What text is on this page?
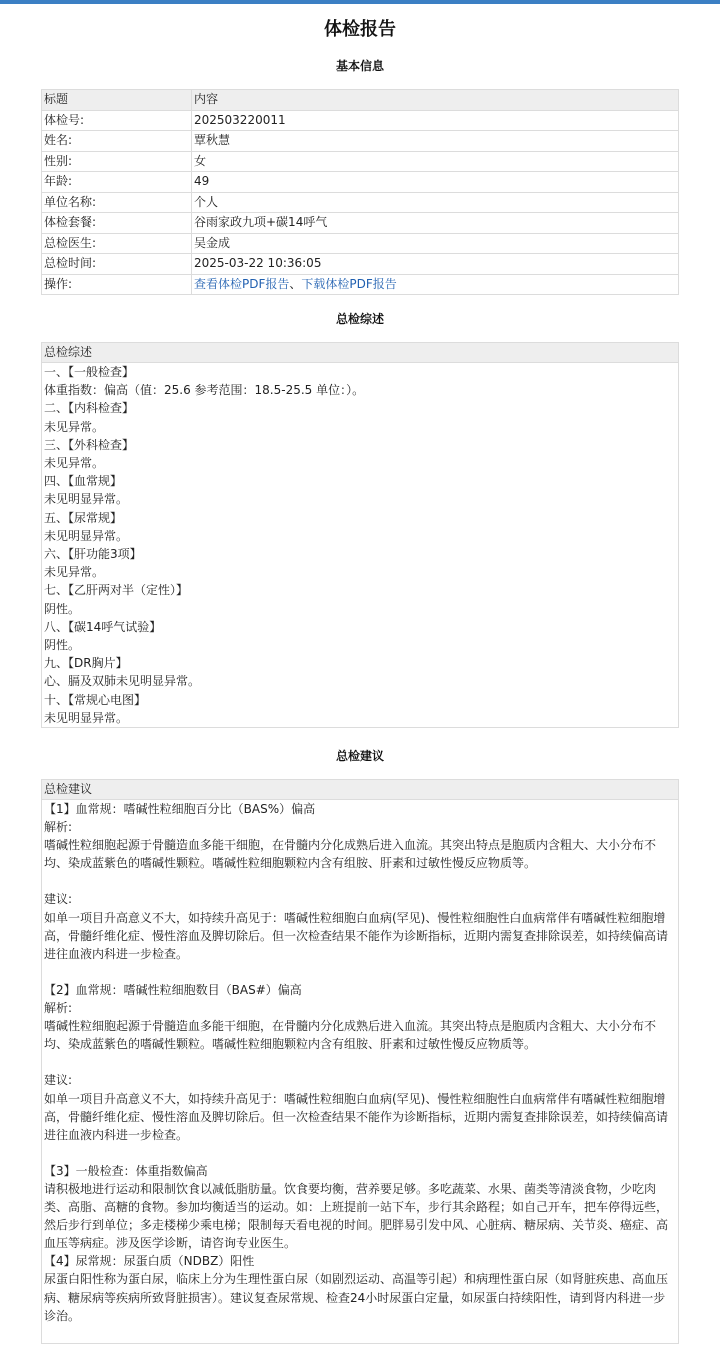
体检报告
基本信息
标题	内容
体检号:	202503220011
姓名:	覃秋慧
性别:	女
年龄:	49
单位名称:	个人
体检套餐:	谷雨家政九项+碳14呼气
总检医生:	吴金成
总检时间:	2025-03-22 10:36:05
操作:	查看体检PDF报告、下载体检PDF报告
总检综述
总检综述
一、【一般检查】
体重指数：偏高（值：25.6 参考范围：18.5-25.5 单位：）。
二、【内科检查】
未见异常。
三、【外科检查】
未见异常。
四、【血常规】
未见明显异常。
五、【尿常规】
未见明显异常。
六、【肝功能3项】
未见异常。
七、【乙肝两对半（定性）】
阴性。
八、【碳14呼气试验】
阴性。
九、【DR胸片】
心、膈及双肺未见明显异常。
十、【常规心电图】
未见明显异常。
总检建议
总检建议

【1】血常规：嗜碱性粒细胞百分比（BAS%）偏高

解析:

嗜碱性粒细胞起源于骨髓造血多能干细胞，在骨髓内分化成熟后进入血流。其突出特点是胞质内含粗大、大小分布不均、染成蓝紫色的嗜碱性颗粒。嗜碱性粒细胞颗粒内含有组胺、肝素和过敏性慢反应物质等。

建议:

如单一项目升高意义不大，如持续升高见于：嗜碱性粒细胞白血病(罕见)、慢性粒细胞性白血病常伴有嗜碱性粒细胞增高，骨髓纤维化症、慢性溶血及脾切除后。但一次检查结果不能作为诊断指标，近期内需复查排除误差，如持续偏高请进往血液内科进一步检查。

【2】血常规：嗜碱性粒细胞数目（BAS#）偏高

解析:

嗜碱性粒细胞起源于骨髓造血多能干细胞，在骨髓内分化成熟后进入血流。其突出特点是胞质内含粗大、大小分布不均、染成蓝紫色的嗜碱性颗粒。嗜碱性粒细胞颗粒内含有组胺、肝素和过敏性慢反应物质等。

建议:

如单一项目升高意义不大，如持续升高见于：嗜碱性粒细胞白血病(罕见)、慢性粒细胞性白血病常伴有嗜碱性粒细胞增高，骨髓纤维化症、慢性溶血及脾切除后。但一次检查结果不能作为诊断指标，近期内需复查排除误差，如持续偏高请进往血液内科进一步检查。

【3】一般检查：体重指数偏高

请积极地进行运动和限制饮食以减低脂肪量。饮食要均衡，营养要足够。多吃蔬菜、水果、菌类等清淡食物，少吃肉类、高脂、高糖的食物。参加均衡适当的运动。如：上班提前一站下车，步行其余路程；如自己开车，把车停得远些，然后步行到单位；多走楼梯少乘电梯；限制每天看电视的时间。肥胖易引发中风、心脏病、糖尿病、关节炎、癌症、高血压等病症。涉及医学诊断，请咨询专业医生。

【4】尿常规：尿蛋白质（NDBZ）阳性

尿蛋白阳性称为蛋白尿，临床上分为生理性蛋白尿（如剧烈运动、高温等引起）和病理性蛋白尿（如肾脏疾患、高血压病、糖尿病等疾病所致肾脏损害）。建议复查尿常规、检查24小时尿蛋白定量，如尿蛋白持续阳性，请到肾内科进一步诊治。
